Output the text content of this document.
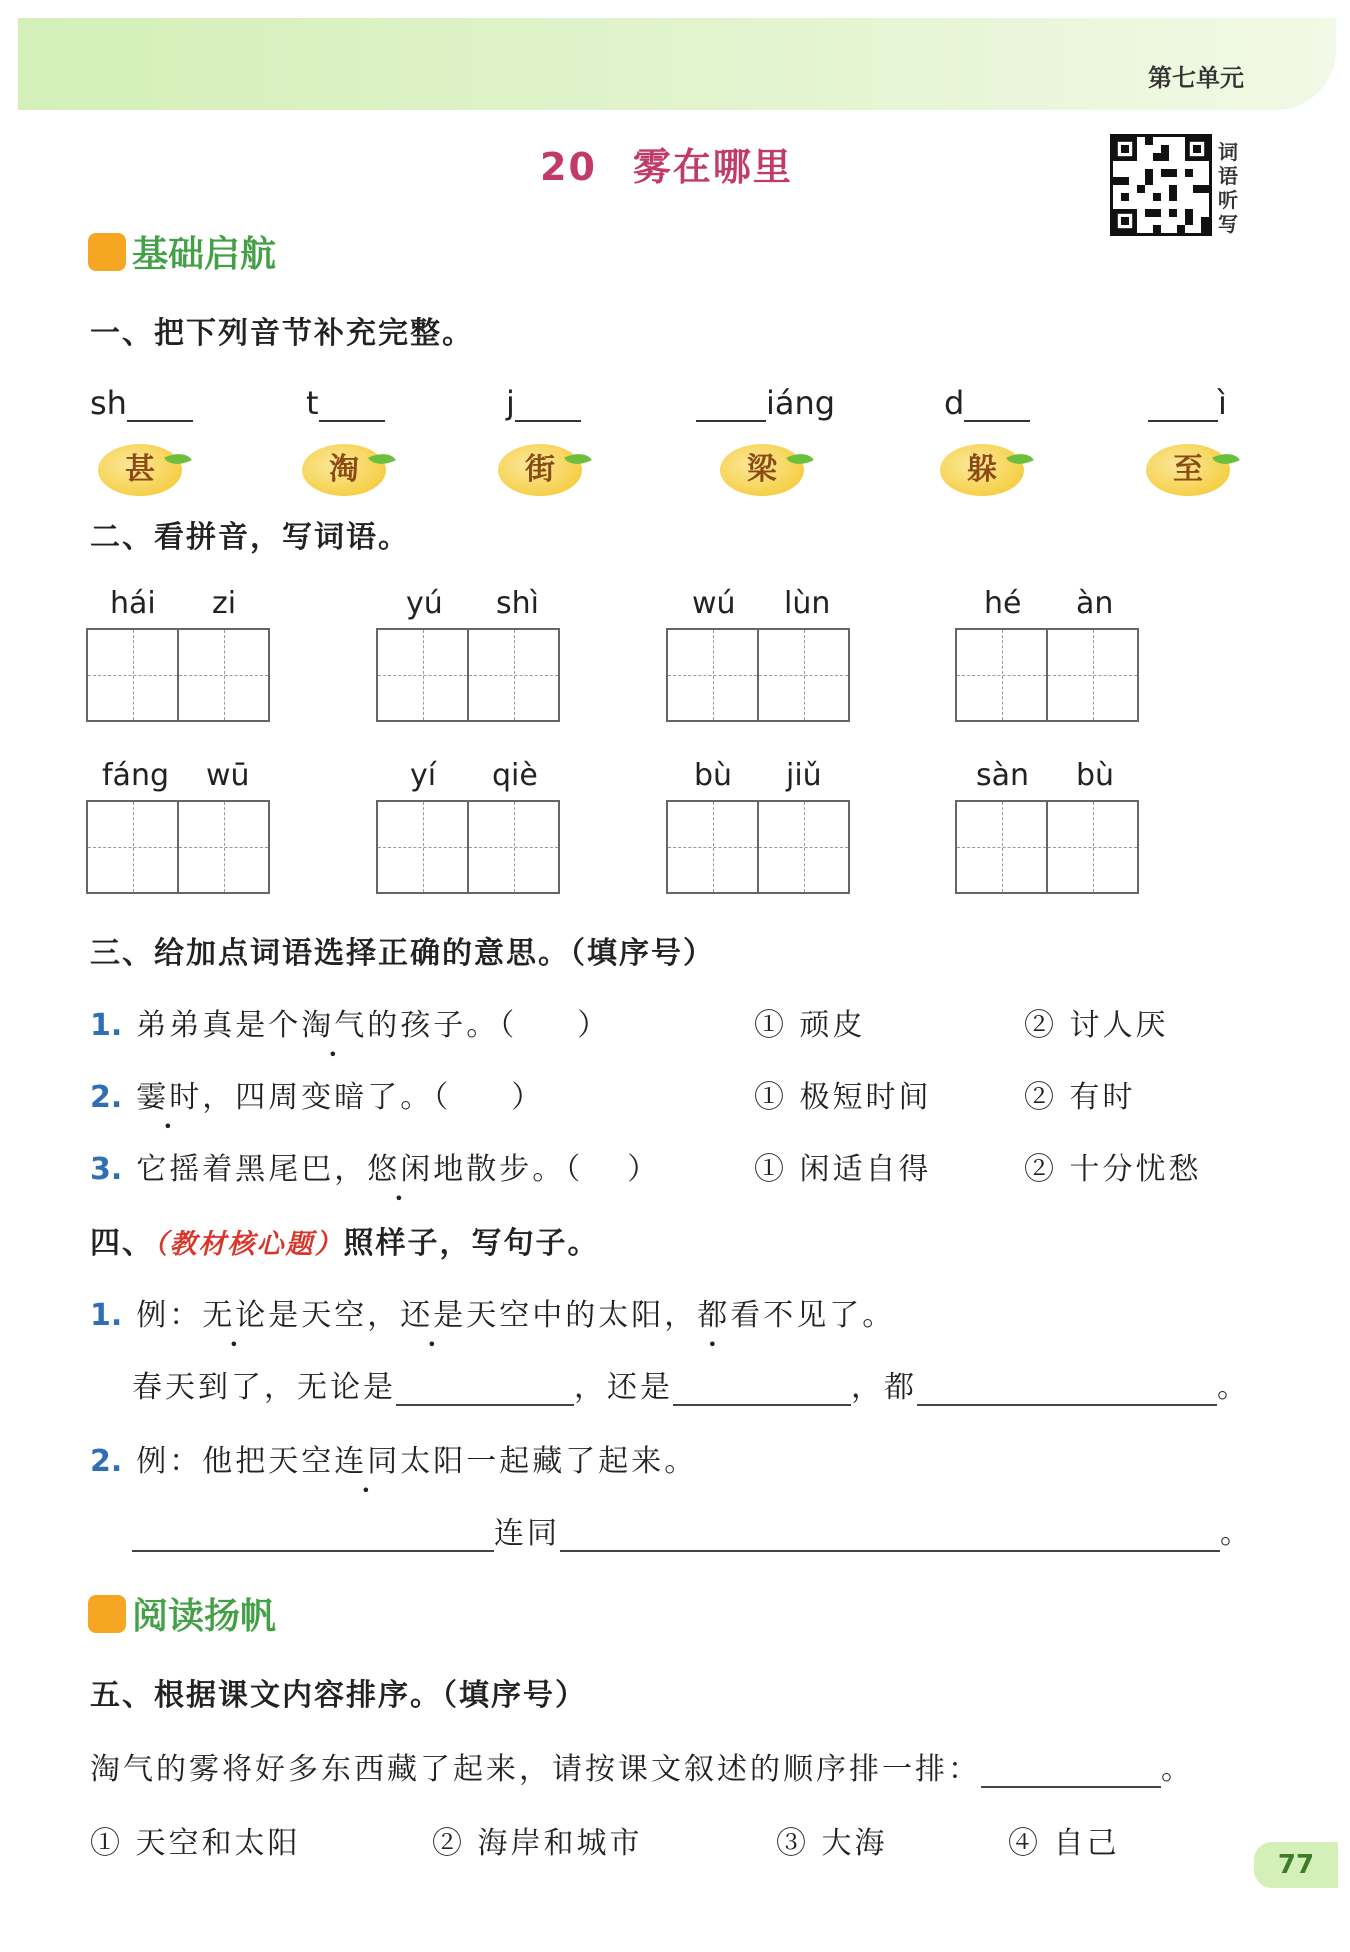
第七单元
20 雾在哪里	词语听写
基础启航
一、把下列音节补充完整。
sh	t	j	iáng	d	ì
甚	淘	街	梁	躲	至
二、看拼音，写词语。
hái zi	yú shì	wú lùn	hé àn
fáng wū	yí qiè	bù jiǔ	sàn bù
三、给加点词语选择正确的意思。（填序号）
1. 弟弟真是个淘气的孩子。（ ）	① 顽皮	② 讨人厌
2. 霎时，四周变暗了。（ ）	① 极短时间	② 有时
3. 它摇着黑尾巴，悠闲地散步。（ ）	① 闲适自得	② 十分忧愁
四、（教材核心题）照样子，写句子。
1. 例：无论是天空，还是天空中的太阳，都看不见了。
春天到了，无论是	，还是	，都	。
2. 例：他把天空连同太阳一起藏了起来。
连同	。
阅读扬帆
五、根据课文内容排序。（填序号）
淘气的雾将好多东西藏了起来，请按课文叙述的顺序排一排：	。
① 天空和太阳	② 海岸和城市	③ 大海	④ 自己
77
